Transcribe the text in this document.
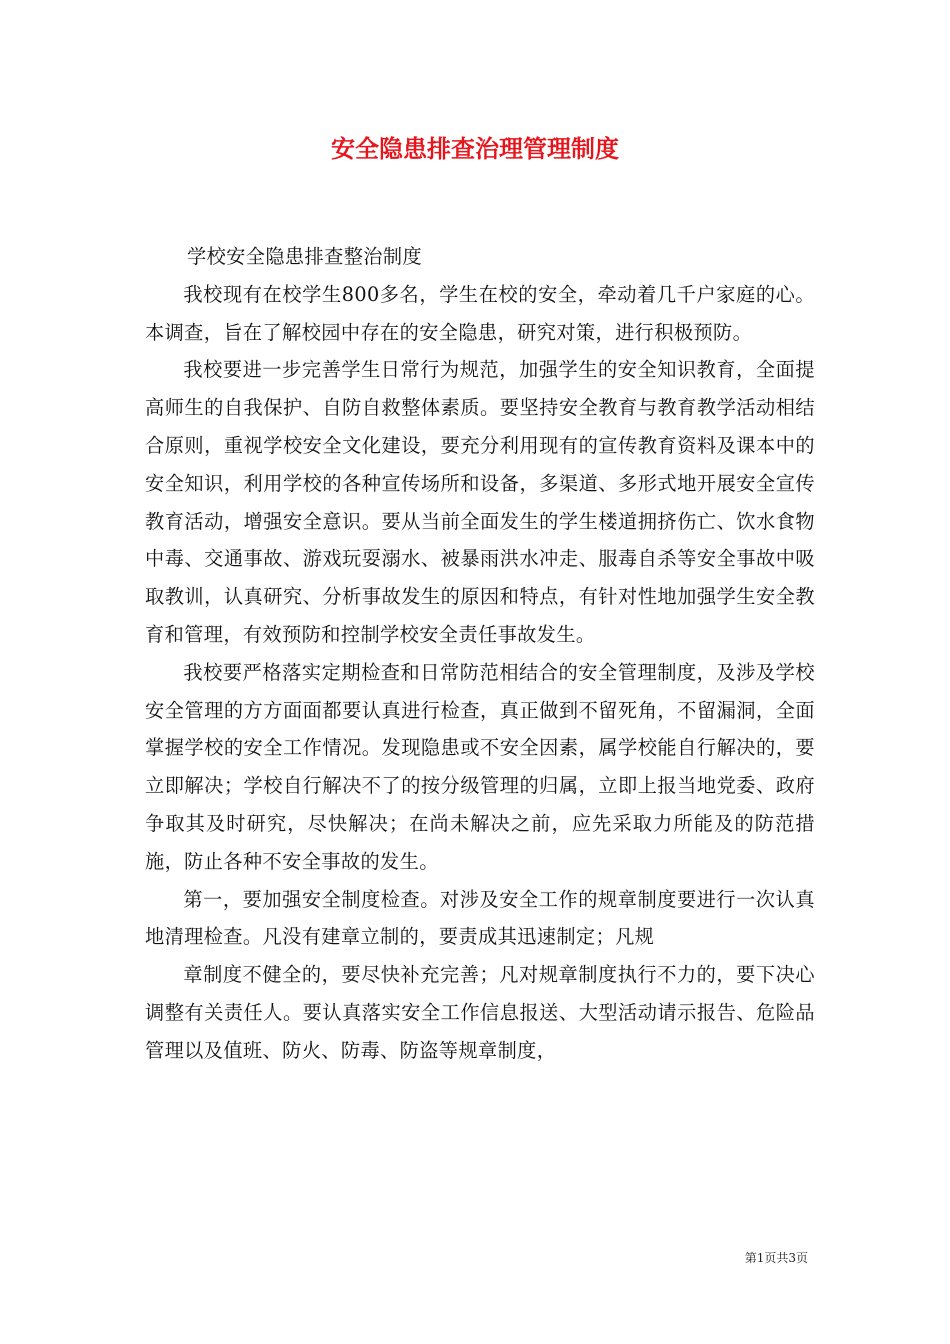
安全隐患排查治理管理制度

学校安全隐患排查整治制度

我校现有在校学生800多名，学生在校的安全，牵动着几千户家庭的心。本调查，旨在了解校园中存在的安全隐患，研究对策，进行积极预防。

我校要进一步完善学生日常行为规范，加强学生的安全知识教育，全面提高师生的自我保护、自防自救整体素质。要坚持安全教育与教育教学活动相结合原则，重视学校安全文化建设，要充分利用现有的宣传教育资料及课本中的安全知识，利用学校的各种宣传场所和设备，多渠道、多形式地开展安全宣传教育活动，增强安全意识。要从当前全面发生的学生楼道拥挤伤亡、饮水食物中毒、交通事故、游戏玩耍溺水、被暴雨洪水冲走、服毒自杀等安全事故中吸取教训，认真研究、分析事故发生的原因和特点，有针对性地加强学生安全教育和管理，有效预防和控制学校安全责任事故发生。

我校要严格落实定期检查和日常防范相结合的安全管理制度，及涉及学校安全管理的方方面面都要认真进行检查，真正做到不留死角，不留漏洞，全面掌握学校的安全工作情况。发现隐患或不安全因素，属学校能自行解决的，要立即解决；学校自行解决不了的按分级管理的归属，立即上报当地党委、政府争取其及时研究，尽快解决；在尚未解决之前，应先采取力所能及的防范措施，防止各种不安全事故的发生。

第一，要加强安全制度检查。对涉及安全工作的规章制度要进行一次认真地清理检查。凡没有建章立制的，要责成其迅速制定；凡规

章制度不健全的，要尽快补充完善；凡对规章制度执行不力的，要下决心调整有关责任人。要认真落实安全工作信息报送、大型活动请示报告、危险品管理以及值班、防火、防毒、防盗等规章制度，

第1页共3页
